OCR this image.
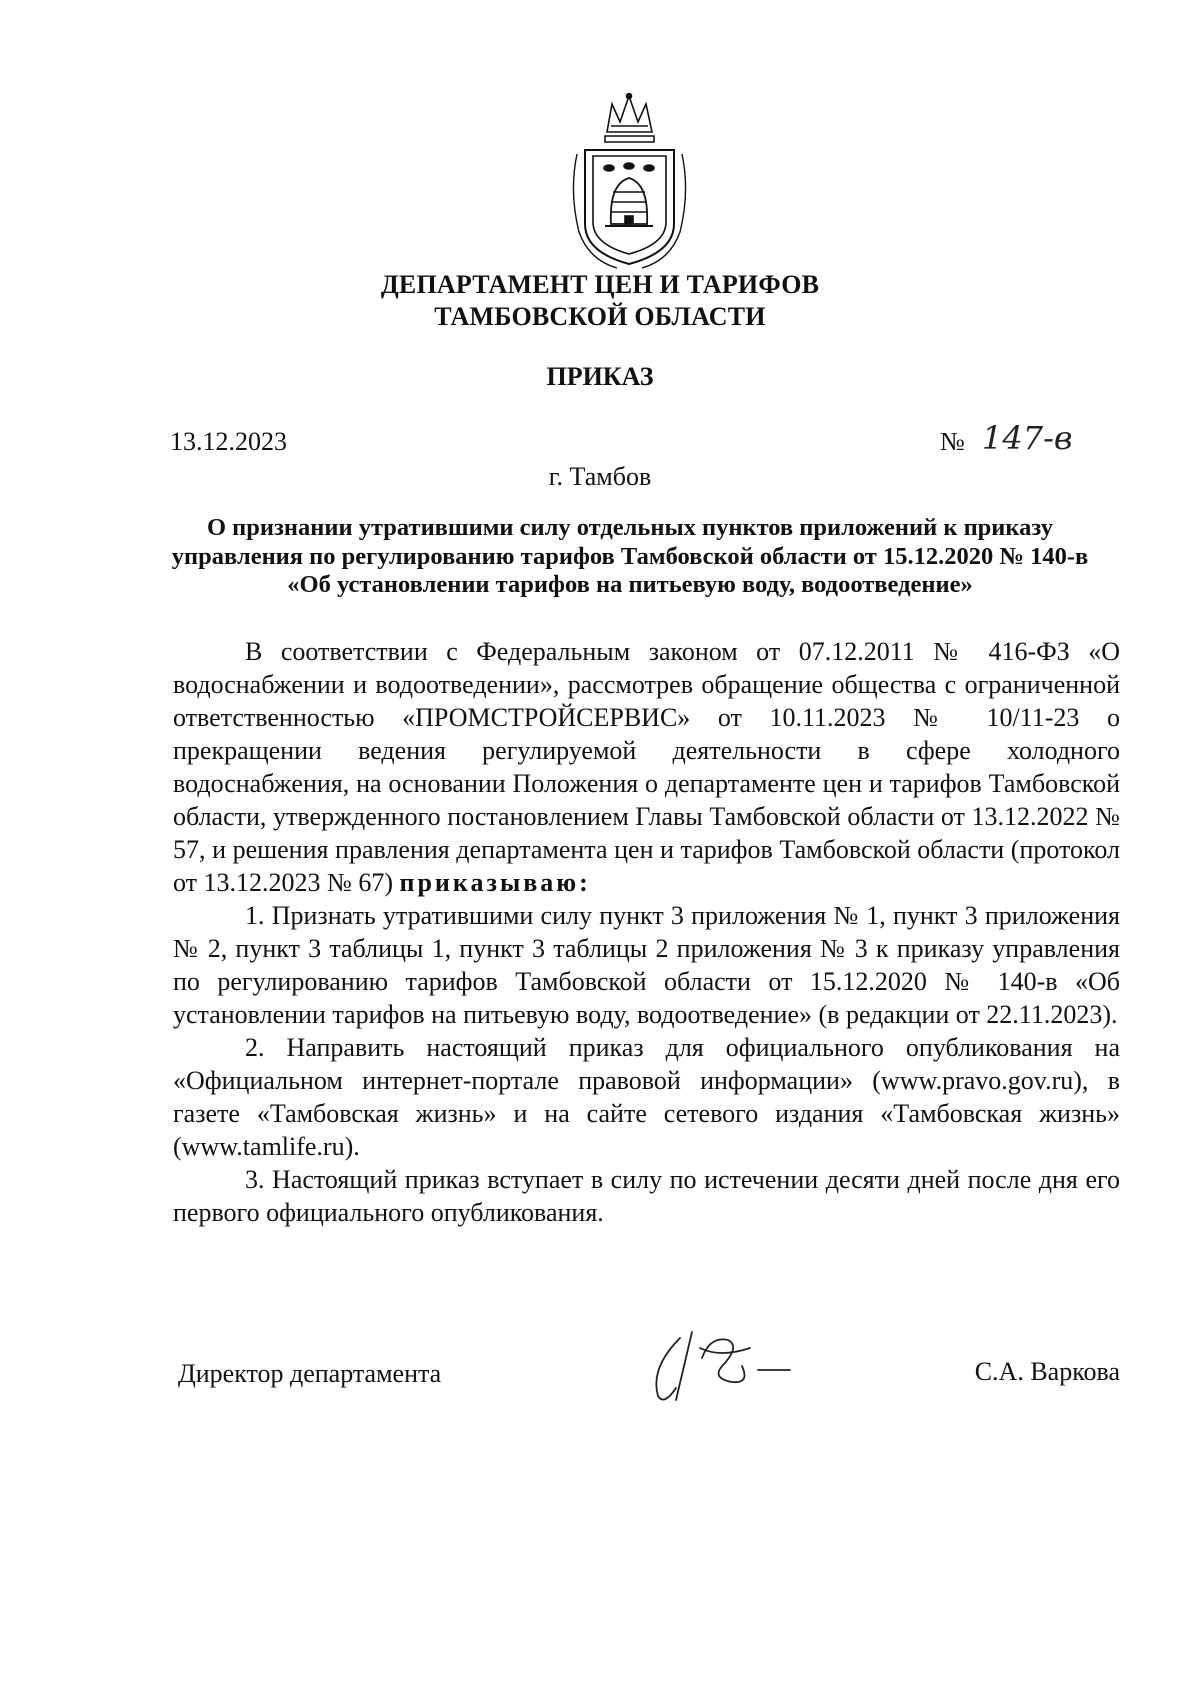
ДЕПАРТАМЕНТ ЦЕН И ТАРИФОВ
ТАМБОВСКОЙ ОБЛАСТИ
ПРИКАЗ
13.12.2023	№ 147-в
г. Тамбов
О признании утратившими силу отдельных пунктов приложений к приказу управления по регулированию тарифов Тамбовской области от 15.12.2020 № 140-в «Об установлении тарифов на питьевую воду, водоотведение»

В соответствии с Федеральным законом от 07.12.2011 № 416-ФЗ «О водоснабжении и водоотведении», рассмотрев обращение общества с ограниченной ответственностью «ПРОМСТРОЙСЕРВИС» от 10.11.2023 № 10/11-23 о прекращении ведения регулируемой деятельности в сфере холодного водоснабжения, на основании Положения о департаменте цен и тарифов Тамбовской области, утвержденного постановлением Главы Тамбовской области от 13.12.2022 № 57, и решения правления департамента цен и тарифов Тамбовской области (протокол от 13.12.2023 № 67) приказываю:

1. Признать утратившими силу пункт 3 приложения № 1, пункт 3 приложения № 2, пункт 3 таблицы 1, пункт 3 таблицы 2 приложения № 3 к приказу управления по регулированию тарифов Тамбовской области от 15.12.2020 № 140-в «Об установлении тарифов на питьевую воду, водоотведение» (в редакции от 22.11.2023).

2. Направить настоящий приказ для официального опубликования на «Официальном интернет-портале правовой информации» (www.pravo.gov.ru), в газете «Тамбовская жизнь» и на сайте сетевого издания «Тамбовская жизнь» (www.tamlife.ru).

3. Настоящий приказ вступает в силу по истечении десяти дней после дня его первого официального опубликования.

Директор департамента	С.А. Варкова
